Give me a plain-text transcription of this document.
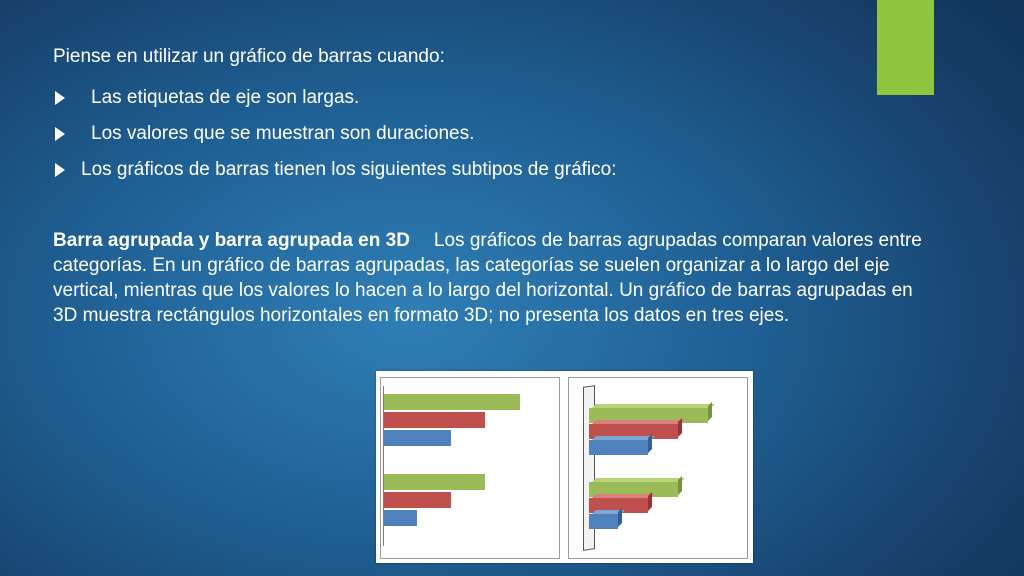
Piense en utilizar un gráfico de barras cuando:

Las etiquetas de eje son largas.
Los valores que se muestran son duraciones.
Los gráficos de barras tienen los siguientes subtipos de gráfico:
Barra agrupada y barra agrupada en 3D Los gráficos de barras agrupadas comparan valores entre categorías. En un gráfico de barras agrupadas, las categorías se suelen organizar a lo largo del eje vertical, mientras que los valores lo hacen a lo largo del horizontal. Un gráfico de barras agrupadas en 3D muestra rectángulos horizontales en formato 3D; no presenta los datos en tres ejes.
